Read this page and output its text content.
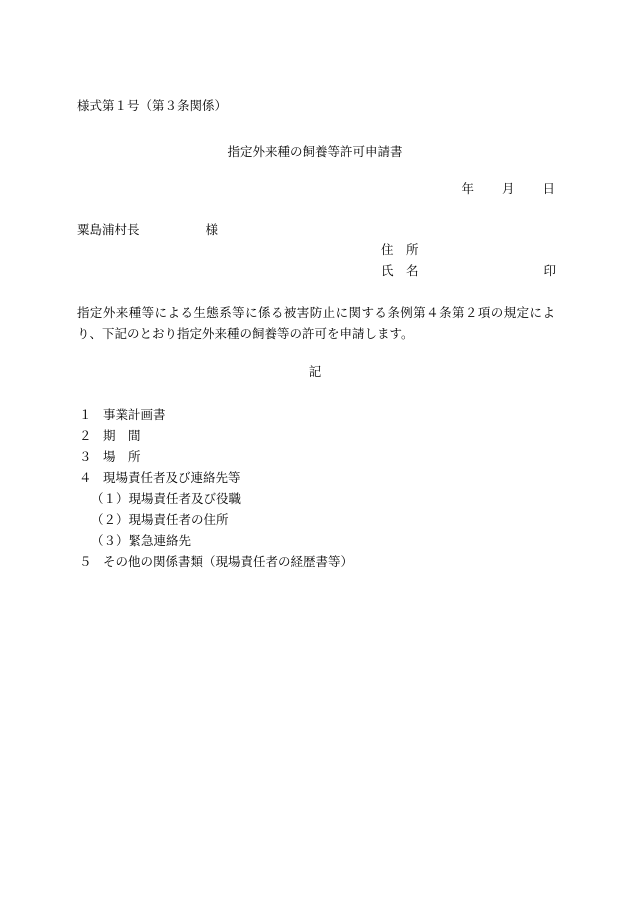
様式第１号（第３条関係）
指定外来種の飼養等許可申請書
年 月 日
粟島浦村長	様
住　所
氏　名	印
指定外来種等による生態系等に係る被害防止に関する条例第４条第２項の規定により、下記のとおり指定外来種の飼養等の許可を申請します。
記
１ 事業計画書
２ 期　間
３ 場　所
４ 現場責任者及び連絡先等
（１）現場責任者及び役職
（２）現場責任者の住所
（３）緊急連絡先
５ その他の関係書類（現場責任者の経歴書等）
